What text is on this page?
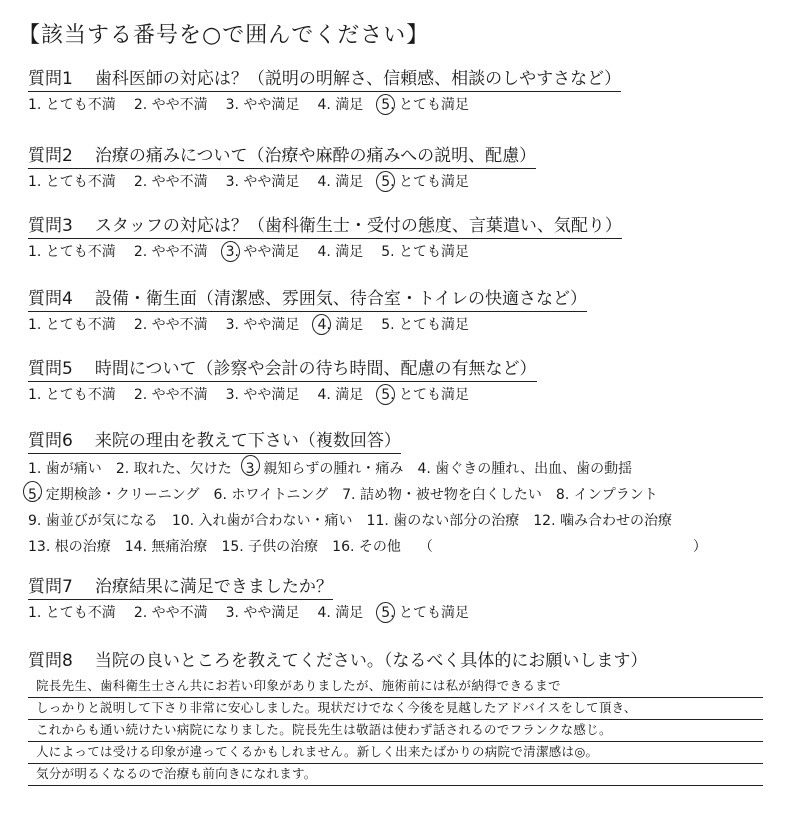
【該当する番号を○で囲んでください】
質問1 歯科医師の対応は？（説明の明解さ、信頼感、相談のしやすさなど）
1. とても不満 2. やや不満 3. やや満足 4. 満足 5. とても満足
質問2 治療の痛みについて（治療や麻酔の痛みへの説明、配慮）
1. とても不満 2. やや不満 3. やや満足 4. 満足 5. とても満足
質問3 スタッフの対応は？（歯科衛生士・受付の態度、言葉遣い、気配り）
1. とても不満 2. やや不満 3. やや満足 4. 満足 5. とても満足
質問4 設備・衛生面（清潔感、雰囲気、待合室・トイレの快適さなど）
1. とても不満 2. やや不満 3. やや満足 4. 満足 5. とても満足
質問5 時間について（診察や会計の待ち時間、配慮の有無など）
1. とても不満 2. やや不満 3. やや満足 4. 満足 5. とても満足
質問6 来院の理由を教えて下さい（複数回答）
1. 歯が痛い 2. 取れた、欠けた 3. 親知らずの腫れ・痛み 4. 歯ぐきの腫れ、出血、歯の動揺
5. 定期検診・クリーニング 6. ホワイトニング 7. 詰め物・被せ物を白くしたい 8. インプラント
9. 歯並びが気になる 10. 入れ歯が合わない・痛い 11. 歯のない部分の治療 12. 噛み合わせの治療
13. 根の治療 14. 無痛治療 15. 子供の治療 16. その他 （	）
質問7 治療結果に満足できましたか？
1. とても不満 2. やや不満 3. やや満足 4. 満足 5. とても満足
質問8 当院の良いところを教えてください。（なるべく具体的にお願いします）
院長先生、歯科衛生士さん共にお若い印象がありましたが、施術前には私が納得できるまで
しっかりと説明して下さり非常に安心しました。現状だけでなく今後を見越したアドバイスをして頂き、
これからも通い続けたい病院になりました。院長先生は敬語は使わず話されるのでフランクな感じ。
人によっては受ける印象が違ってくるかもしれません。新しく出来たばかりの病院で清潔感は◎。
気分が明るくなるので治療も前向きになれます。
